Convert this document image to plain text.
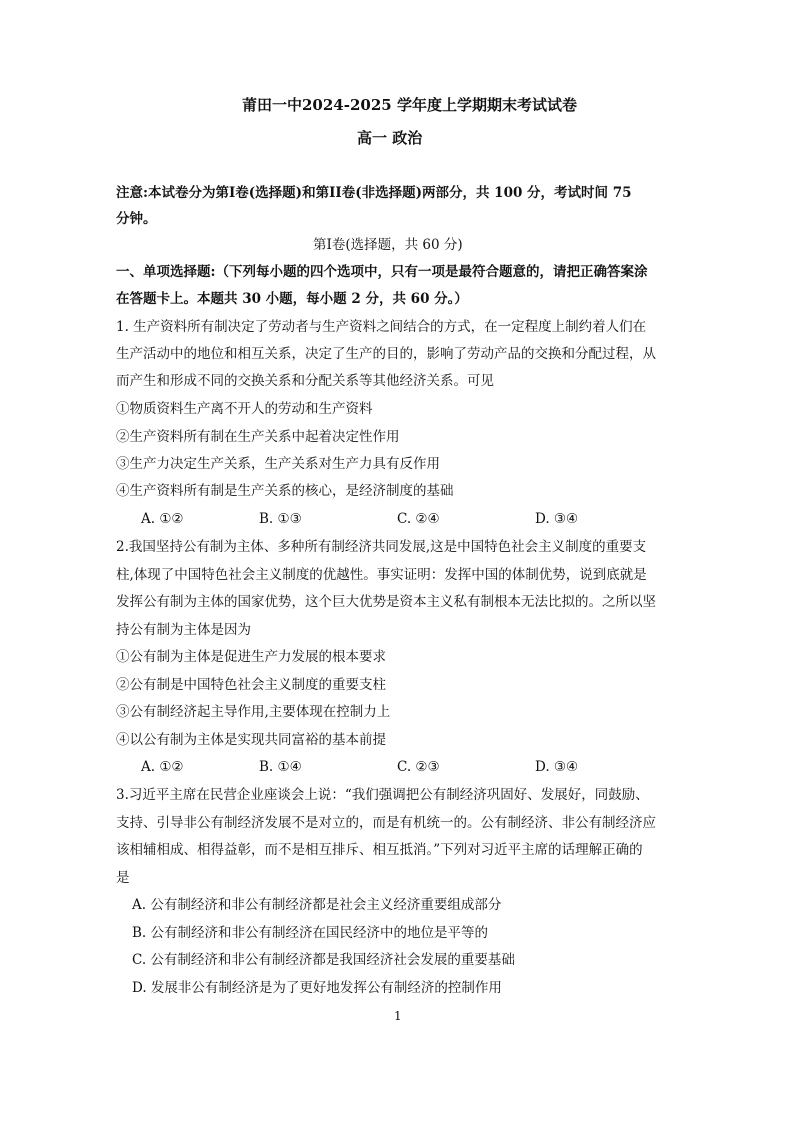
莆田一中2024-2025 学年度上学期期末考试试卷
高一 政治
注意:本试卷分为第Ⅰ卷(选择题)和第II卷(非选择题)两部分，共 100 分，考试时间 75
分钟。
第Ⅰ卷(选择题，共 60 分)
一、单项选择题:（下列每小题的四个选项中，只有一项是最符合题意的，请把正确答案涂
在答题卡上。本题共 30 小题，每小题 2 分，共 60 分。）
1. 生产资料所有制决定了劳动者与生产资料之间结合的方式，在一定程度上制约着人们在
生产活动中的地位和相互关系，决定了生产的目的，影响了劳动产品的交换和分配过程，从
而产生和形成不同的交换关系和分配关系等其他经济关系。可见
①物质资料生产离不开人的劳动和生产资料
②生产资料所有制在生产关系中起着决定性作用
③生产力决定生产关系，生产关系对生产力具有反作用
④生产资料所有制是生产关系的核心，是经济制度的基础
A. ①②	B. ①③	C. ②④	D. ③④
2.我国坚持公有制为主体、多种所有制经济共同发展,这是中国特色社会主义制度的重要支
柱,体现了中国特色社会主义制度的优越性。事实证明：发挥中国的体制优势，说到底就是
发挥公有制为主体的国家优势，这个巨大优势是资本主义私有制根本无法比拟的。之所以坚
持公有制为主体是因为
①公有制为主体是促进生产力发展的根本要求
②公有制是中国特色社会主义制度的重要支柱
③公有制经济起主导作用,主要体现在控制力上
④以公有制为主体是实现共同富裕的基本前提
A. ①②	B. ①④	C. ②③	D. ③④
3.习近平主席在民营企业座谈会上说：“我们强调把公有制经济巩固好、发展好，同鼓励、
支持、引导非公有制经济发展不是对立的，而是有机统一的。公有制经济、非公有制经济应
该相辅相成、相得益彰，而不是相互排斥、相互抵消。”下列对习近平主席的话理解正确的
是
A. 公有制经济和非公有制经济都是社会主义经济重要组成部分
B. 公有制经济和非公有制经济在国民经济中的地位是平等的
C. 公有制经济和非公有制经济都是我国经济社会发展的重要基础
D. 发展非公有制经济是为了更好地发挥公有制经济的控制作用
1
